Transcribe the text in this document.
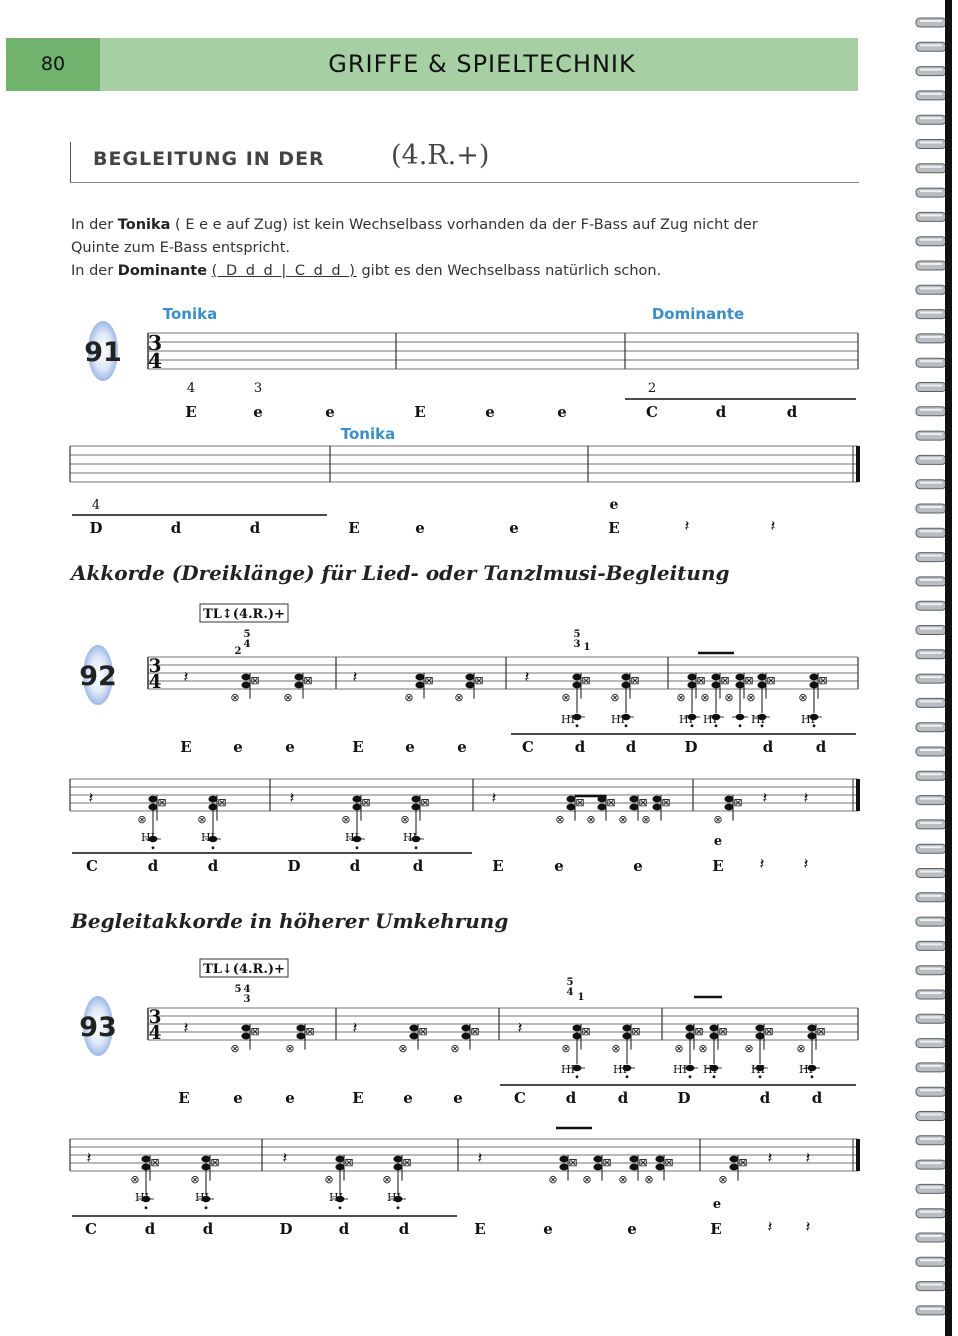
GRIFFE & SPIELTECHNIK
80
BEGLEITUNG IN DER (4.R.+)
In der Tonika ( E e e auf Zug) ist kein Wechselbass vorhanden da der F-Bass auf Zug nicht der
Quinte zum E-Bass entspricht.
In der Dominante ( D d d | C d d ) gibt es den Wechselbass natürlich schon.
Akkorde (Dreiklänge) für Lied- oder Tanzlmusi-Begleitung
Begleitakkorde in höherer Umkehrung
3
4
91
Tonika	Dominante
4	3	2
E	e	e	E	e	e	C	d	d
Tonika
4	e
D	d	d	E	e	e	E	𝄽	𝄽
3
4
92
TL↕(4.R.)+
5
4
2
5
3 1
𝄽	𝄽	𝄽
⊠
⊗
⊠
⊗
⊠
⊗
⊠
⊗
⊠
⊗
⊠
⊗
⊠
⊗
⊠
⊗
⊠
⊗
⊠
⊗
⊠
⊗
HI	HI	HI HI	HI	HI
E	e	e	E	e	e	C	d	d	D	d	d
𝄽	𝄽	𝄽	𝄽 𝄽
⊠
⊗
⊠
⊗
⊠
⊗
⊠
⊗
⊠
⊗
⊠
⊗
⊠
⊗
⊠
⊗
⊠
⊗
HI	HI	HI	HI	e
C	d	d	D	d	d	E	e	e	E 𝄽 𝄽
3
4
93
TL↓(4.R.)+
5 4
3
5
4 1
𝄽	𝄽	𝄽
⊠
⊗
⊠
⊗
⊠
⊗
⊠
⊗
⊠
⊗
⊠
⊗
⊠
⊗
⊠
⊗
⊠
⊗
⊠
⊗
HI	HI	HI HI	HI	HI
E	e	e	E	e	e	C	d	d	D	d	d
𝄽	𝄽	𝄽	𝄽 𝄽
⊠
⊗
⊠
⊗
⊠
⊗
⊠
⊗
⊠
⊗
⊠
⊗
⊠
⊗
⊠
⊗
⊠
⊗
HI	HI	HI	HI	e
C	d	d	D	d	d	E	e	e	E	𝄽 𝄽
